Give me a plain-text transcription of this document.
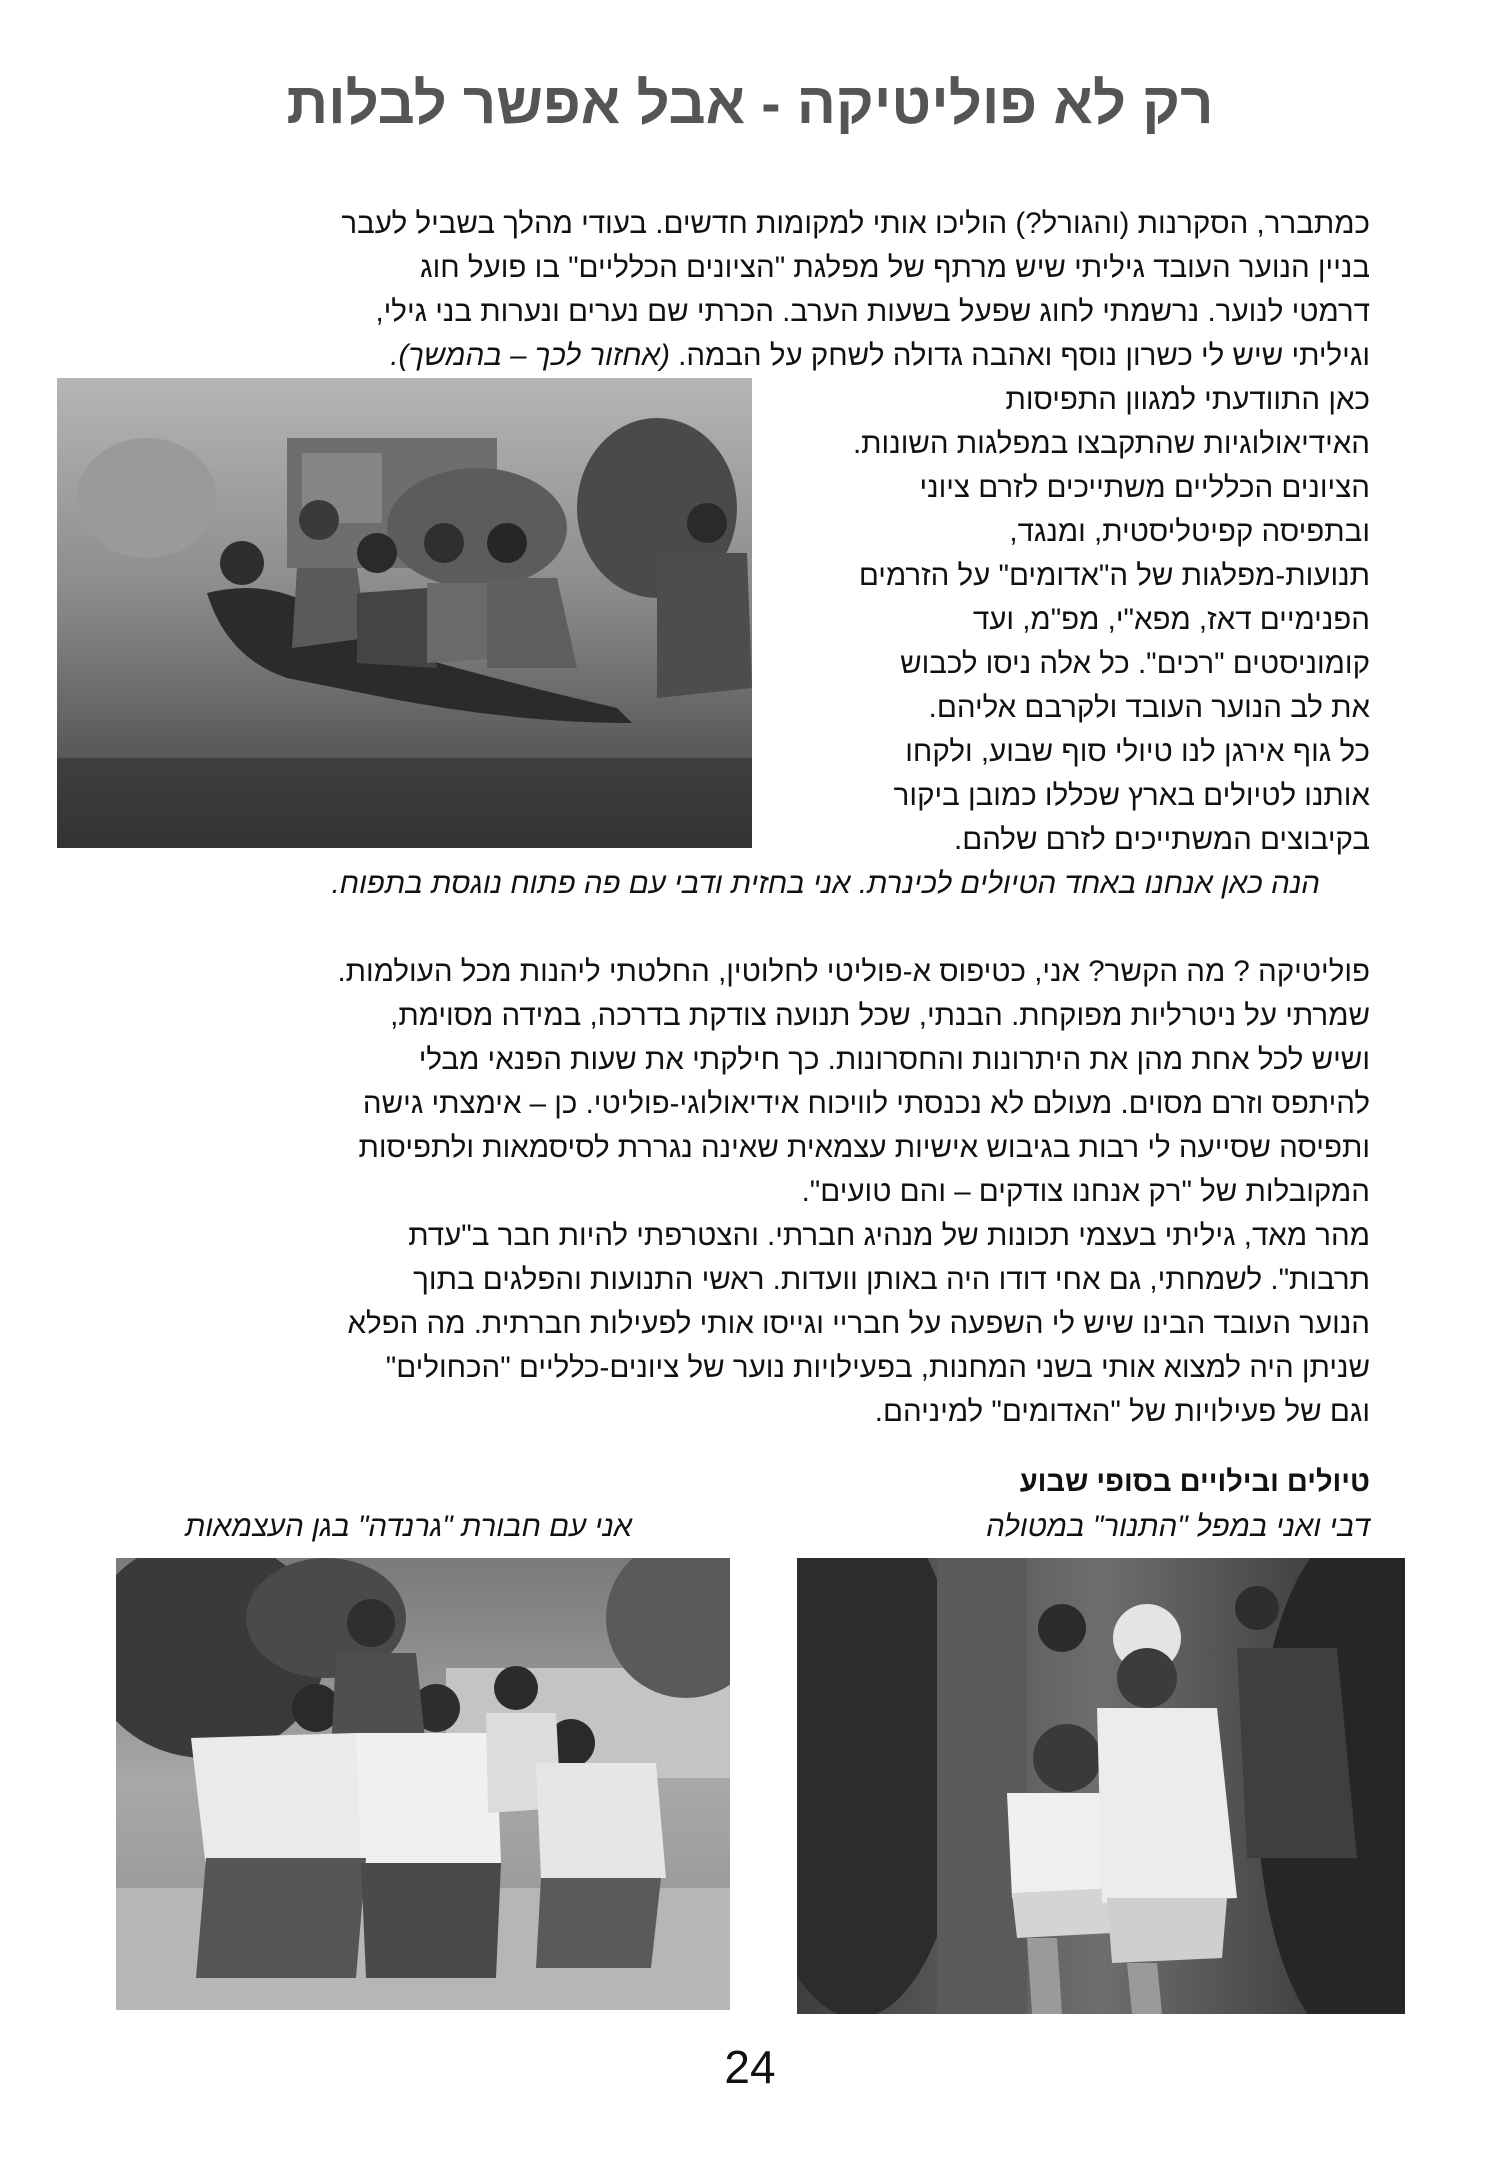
רק לא פוליטיקה - אבל אפשר לבלות
כמתברר, הסקרנות (והגורל?) הוליכו אותי למקומות חדשים. בעודי מהלך בשביל לעבר
בניין הנוער העובד גיליתי שיש מרתף של מפלגת "הציונים הכלליים" בו פועל חוג
דרמטי לנוער. נרשמתי לחוג שפעל בשעות הערב. הכרתי שם נערים ונערות בני גילי,
וגיליתי שיש לי כשרון נוסף ואהבה גדולה לשחק על הבמה. (אחזור לכך – בהמשך).
כאן התוודעתי למגוון התפיסות
האידיאולוגיות שהתקבצו במפלגות השונות.
הציונים הכלליים משתייכים לזרם ציוני
ובתפיסה קפיטליסטית, ומנגד,
תנועות-מפלגות של ה"אדומים" על הזרמים
הפנימיים דאז, מפא"י, מפ"מ, ועד
קומוניסטים "רכים". כל אלה ניסו לכבוש
את לב הנוער העובד ולקרבם אליהם.
כל גוף אירגן לנו טיולי סוף שבוע, ולקחו
אותנו לטיולים בארץ שכללו כמובן ביקור
בקיבוצים המשתייכים לזרם שלהם.

הנה כאן אנחנו באחד הטיולים לכינרת. אני בחזית ודבי עם פה פתוח נוגסת בתפוח.

פוליטיקה ? מה הקשר? אני, כטיפוס א-פוליטי לחלוטין, החלטתי ליהנות מכל העולמות.
שמרתי על ניטרליות מפוקחת. הבנתי, שכל תנועה צודקת בדרכה, במידה מסוימת,
ושיש לכל אחת מהן את היתרונות והחסרונות. כך חילקתי את שעות הפנאי מבלי
להיתפס וזרם מסוים. מעולם לא נכנסתי לוויכוח אידיאולוגי-פוליטי. כן – אימצתי גישה
ותפיסה שסייעה לי רבות בגיבוש אישיות עצמאית שאינה נגררת לסיסמאות ולתפיסות
המקובלות של "רק אנחנו צודקים – והם טועים".
מהר מאד, גיליתי בעצמי תכונות של מנהיג חברתי. והצטרפתי להיות חבר ב"עדת
תרבות". לשמחתי, גם אחי דודו היה באותן וועדות. ראשי התנועות והפלגים בתוך
הנוער העובד הבינו שיש לי השפעה על חבריי וגייסו אותי לפעילות חברתית. מה הפלא
שניתן היה למצוא אותי בשני המחנות, בפעילויות נוער של ציונים-כלליים "הכחולים"
וגם של פעילויות של "האדומים" למיניהם.

טיולים ובילויים בסופי שבוע

דבי ואני במפל "התנור" במטולה

אני עם חבורת "גרנדה" בגן העצמאות

24
